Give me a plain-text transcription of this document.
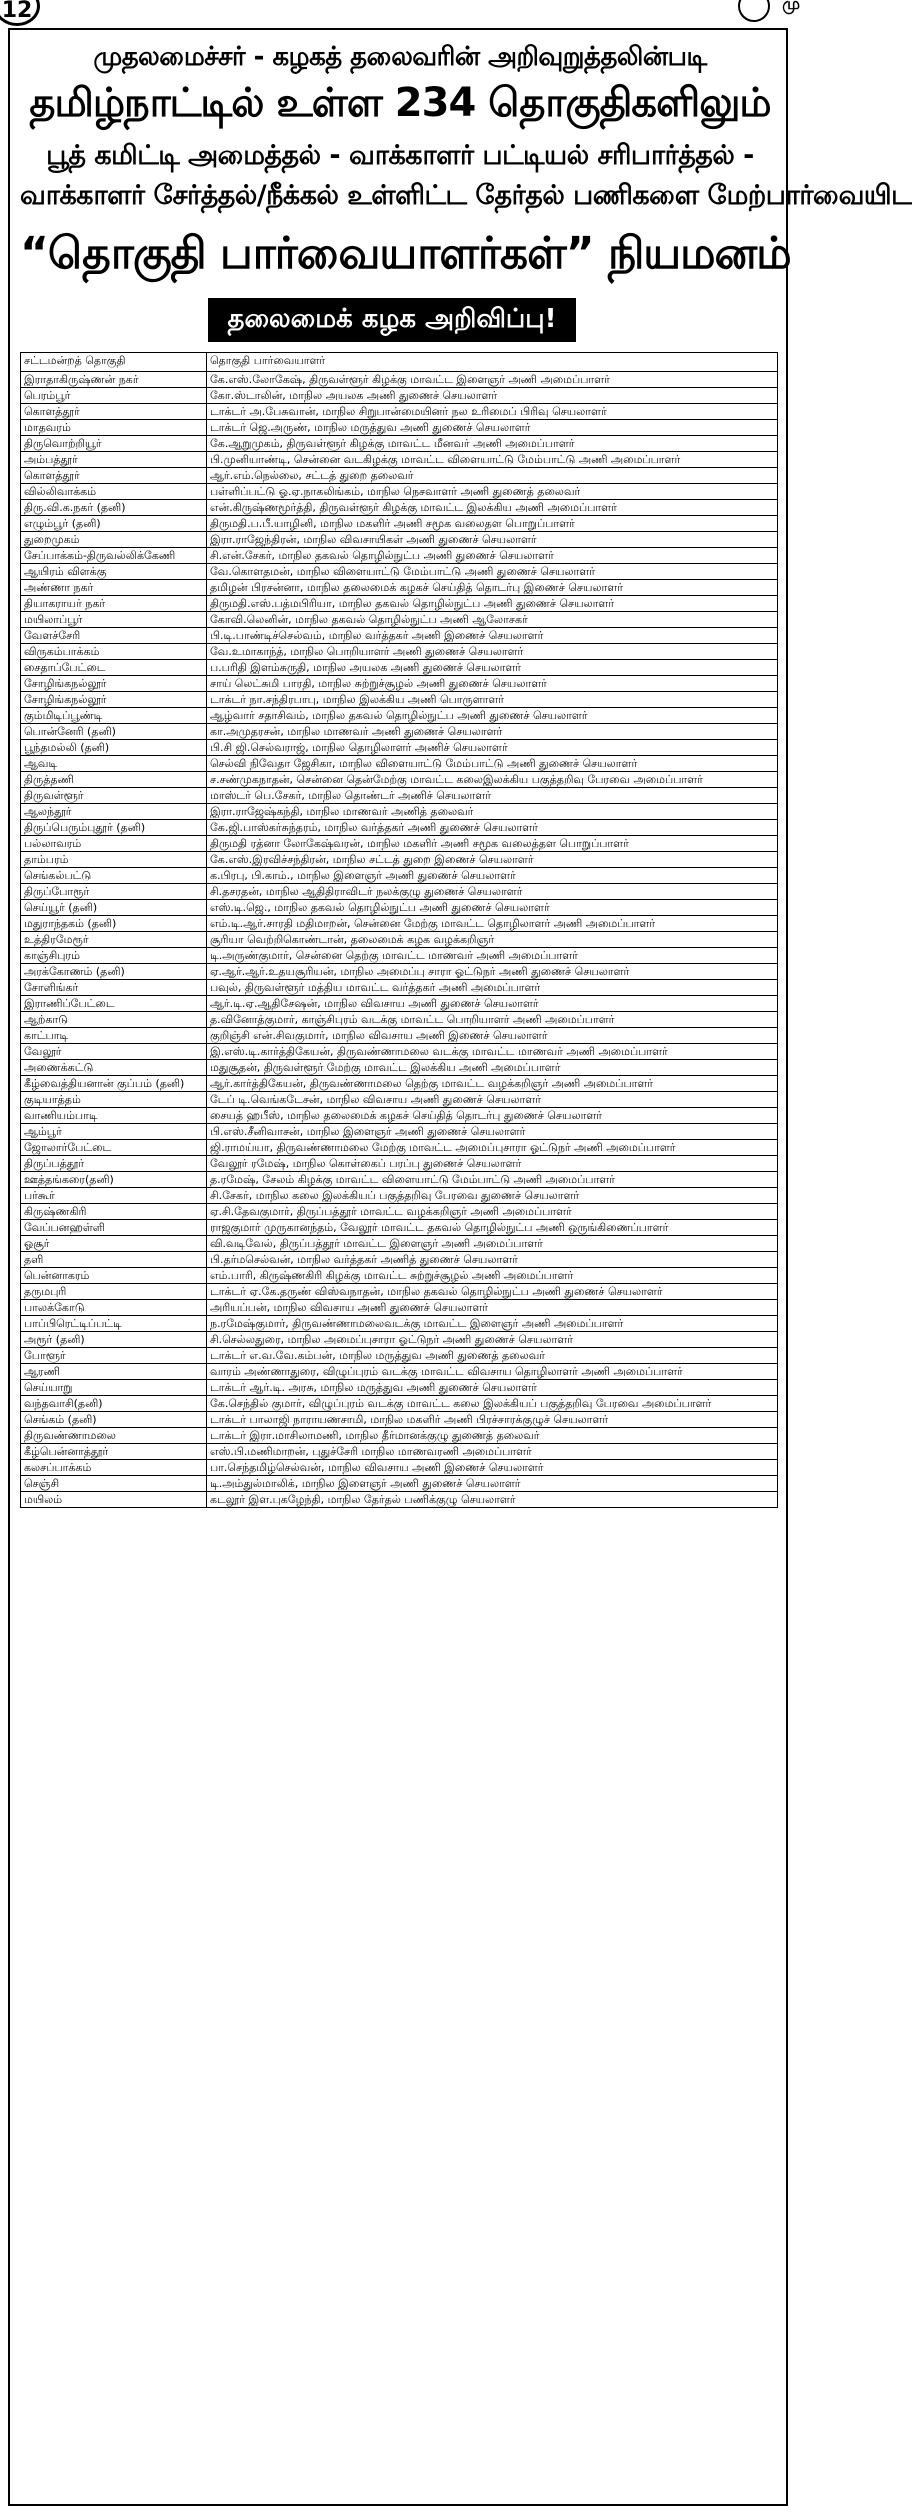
12	மு
முதலமைச்சர் - கழகத் தலைவரின் அறிவுறுத்தலின்படி
தமிழ்நாட்டில் உள்ள 234 தொகுதிகளிலும்
பூத் கமிட்டி அமைத்தல் - வாக்காளர் பட்டியல் சரிபார்த்தல் -
வாக்காளர் சேர்த்தல்/நீக்கல் உள்ளிட்ட தேர்தல் பணிகளை மேற்பார்வையிட
“தொகுதி பார்வையாளர்கள்” நியமனம்
தலைமைக் கழக அறிவிப்பு!
சட்டமன்றத் தொகுதி	தொகுதி பார்வையாளர்
இராதாகிருஷ்ணன் நகர்	கே.எஸ்.லோகேஷ், திருவள்ளூர் கிழக்கு மாவட்ட இளைஞர் அணி அமைப்பாளர்
பெரம்பூர்	கோ.ஸ்டாலின், மாநில அயலக அணி துணைச் செயலாளர்
கொளத்தூர்	டாக்டர் அ.பேசுவான், மாநில சிறுபான்மையினர் நல உரிமைப் பிரிவு செயலாளர்
மாதவரம்	டாக்டர் ஜெ.அருண், மாநில மருத்துவ அணி துணைச் செயலாளர்
திருவொற்றியூர்	கே.ஆறுமுகம், திருவள்ளூர் கிழக்கு மாவட்ட மீனவர் அணி அமைப்பாளர்
அம்பத்தூர்	பி.முனியாண்டி, சென்னை வடகிழக்கு மாவட்ட விளையாட்டு மேம்பாட்டு அணி அமைப்பாளர்
கொளத்தூர்	ஆர்.எம்.நெல்லை, சட்டத் துறை தலைவர்
வில்லிவாக்கம்	பள்ளிப்பட்டு ஓ.ஏ.நாகலிங்கம், மாநில நெசவாளர் அணி துணைத் தலைவர்
திரு.வி.க.நகர் (தனி)	என்.கிருஷ்ணமூர்த்தி, திருவள்ளூர் கிழக்கு மாவட்ட இலக்கிய அணி அமைப்பாளர்
எழும்பூர் (தனி)	திருமதி.ப.பீ.யாழினி, மாநில மகளிர் அணி சமூக வலைதள பொறுப்பாளர்
துறைமுகம்	இரா.ராஜேந்திரன், மாநில விவசாயிகள் அணி துணைச் செயலாளர்
சேப்பாக்கம்-திருவல்லிக்கேணி	சி.என்.சேகர், மாநில தகவல் தொழில்நுட்ப அணி துணைச் செயலாளர்
ஆயிரம் விளக்கு	வே.கொளதமன், மாநில விளையாட்டு மேம்பாட்டு அணி துணைச் செயலாளர்
அண்ணா நகர்	தமிழன் பிரசன்னா, மாநில தலைமைக் கழகச் செய்தித் தொடர்பு இணைச் செயலாளர்
தியாகராயர் நகர்	திருமதி.எஸ்.பத்மபிரியா, மாநில தகவல் தொழில்நுட்ப அணி துணைச் செயலாளர்
மயிலாப்பூர்	கோவி.லெனின், மாநில தகவல் தொழில்நுட்ப அணி ஆலோசகர்
வேளச்சேரி	பி.டி.பாண்டிச்செல்வம், மாநில வர்த்தகர் அணி இணைச் செயலாளர்
விருகம்பாக்கம்	வே.உமாகாந்த், மாநில பொறியாளர் அணி துணைச் செயலாளர்
சைதாப்பேட்டை	ப.பரிதி இளம்சுருதி, மாநில அயலக அணி துணைச் செயலாளர்
சோழிங்கநல்லூர்	சாய் லெட்சுமி பாரதி, மாநில சுற்றுச்சூழல் அணி துணைச் செயலாளர்
சோழிங்கநல்லூர்	டாக்டர் நா.சந்திரபாபு, மாநில இலக்கிய அணி பொருளாளர்
கும்மிடிப்பூண்டி	ஆழ்வார் சதாசிவம், மாநில தகவல் தொழில்நுட்ப அணி துணைச் செயலாளர்
பொன்னேரி (தனி)	கா.அமுதரசன், மாநில மாணவர் அணி துணைச் செயலாளர்
பூந்தமல்லி (தனி)	பி.சி ஜி.செல்வராஜ், மாநில தொழிலாளர் அணிச் செயலாளர்
ஆவடி	செல்வி நிவேதா ஜேசிகா, மாநில விளையாட்டு மேம்பாட்டு அணி துணைச் செயலாளர்
திருத்தணி	ச.சண்முகநாதன், சென்னை தென்மேற்கு மாவட்ட கலைஇலக்கிய பகுத்தறிவு பேரவை அமைப்பாளர்
திருவள்ளூர்	மாஸ்டர் பெ.சேகர், மாநில தொண்டர் அணிச் செயலாளர்
ஆலந்தூர்	இரா.ராஜேஷ்கந்தி, மாநில மாணவர் அணித் தலைவர்
திருப்பெரும்புதூர் (தனி)	கே.ஜி.பாஸ்கர்சுந்தரம், மாநில வர்த்தகர் அணி துணைச் செயலாளர்
பல்லாவரம்	திருமதி ரத்னா லோகேஷ்வரன், மாநில மகளிர் அணி சமூக வலைத்தள பொறுப்பாளர்
தாம்பரம்	கே.எஸ்.இரவிச்சந்திரன், மாநில சட்டத் துறை இணைச் செயலாளர்
செங்கல்பட்டு	க.பிரபு, பி.காம்., மாநில இளைஞர் அணி துணைச் செயலாளர்
திருப்போரூர்	சி.தசரதன், மாநில ஆதிதிராவிடர் நலக்குழு துணைச் செயலாளர்
செய்யூர் (தனி)	எஸ்.டி.ஜெ., மாநில தகவல் தொழில்நுட்ப அணி துணைச் செயலாளர்
மதுராந்தகம் (தனி)	எம்.டி.ஆர்.சாரதி மதிமாறன், சென்னை மேற்கு மாவட்ட தொழிலாளர் அணி அமைப்பாளர்
உத்திரமேரூர்	சூரியா வெற்றிகொண்டான், தலைமைக் கழக வழக்கறிஞர்
காஞ்சிபுரம்	டி.அருண்குமார், சென்னை தெற்கு மாவட்ட மாணவர் அணி அமைப்பாளர்
அரக்கோணம் (தனி)	ஏ.ஆர்.ஆர்.உதயசூரியன், மாநில அமைப்பு சாரா ஓட்டுநர் அணி துணைச் செயலாளர்
சோளிங்கர்	பவுல், திருவள்ளூர் மத்திய மாவட்ட வர்த்தகர் அணி அமைப்பாளர்
இராணிப்பேட்டை	ஆர்.டி.ஏ.ஆதிசேஷன், மாநில விவசாய அணி துணைச் செயலாளர்
ஆற்காடு	த.வினோத்குமார், காஞ்சிபுரம் வடக்கு மாவட்ட பொறியாளர் அணி அமைப்பாளர்
காட்பாடி	குறிஞ்சி என்.சிவகுமார், மாநில விவசாய அணி இணைச் செயலாளர்
வேலூர்	இ.எஸ்.டி.கார்த்திகேயன், திருவண்ணாமலை வடக்கு மாவட்ட மாணவர் அணி அமைப்பாளர்
அணைக்கட்டு	மதுசூதன், திருவள்ளூர் மேற்கு மாவட்ட இலக்கிய அணி அமைப்பாளர்
கீழ்வைத்தியனான் குப்பம் (தனி)	ஆர்.கார்த்திகேயன், திருவண்ணாமலை தெற்கு மாவட்ட வழக்கறிஞர் அணி அமைப்பாளர்
குடியாத்தம்	டேப் டி.வெங்கடேசன், மாநில விவசாய அணி துணைச் செயலாளர்
வாணியம்பாடி	சையத் ஹபீஸ், மாநில தலைமைக் கழகச் செய்தித் தொடர்பு துணைச் செயலாளர்
ஆம்பூர்	பி.எஸ்.சீனிவாசன், மாநில இளைஞர் அணி துணைச் செயலாளர்
ஜோலார்பேட்டை	ஜி.ராமய்யா, திருவண்ணாமலை மேற்கு மாவட்ட அமைப்புசாரா ஓட்டுநர் அணி அமைப்பாளர்
திருப்பத்தூர்	வேலூர் ரமேஷ், மாநில கொள்கைப் பரப்பு துணைச் செயலாளர்
ஊத்தங்கரை(தனி)	த.ரமேஷ், சேலம் கிழக்கு மாவட்ட விளையாட்டு மேம்பாட்டு அணி அமைப்பாளர்
பர்கூர்	சி.சேகர், மாநில கலை இலக்கியப் பகுத்தறிவு பேரவை துணைச் செயலாளர்
கிருஷ்ணகிரி	ஏ.சி.தேவகுமார், திருப்பத்தூர் மாவட்ட வழக்கறிஞர் அணி அமைப்பாளர்
வேப்பனஹள்ளி	ராஜகுமார் முருகானந்தம், வேலூர் மாவட்ட தகவல் தொழில்நுட்ப அணி ஒருங்கிணைப்பாளர்
ஓசூர்	வி.வடிவேல், திருப்பத்தூர் மாவட்ட இளைஞர் அணி அமைப்பாளர்
தளி	பி.தர்மசெல்வன், மாநில வர்த்தகர் அணித் துணைச் செயலாளர்
பென்னாகரம்	எம்.பாரி, கிருஷ்ணகிரி கிழக்கு மாவட்ட சுற்றுச்சூழல் அணி அமைப்பாளர்
தருமபுரி	டாக்டர் ஏ.கே.தருண் விஸ்வநாதன், மாநில தகவல் தொழில்நுட்ப அணி துணைச் செயலாளர்
பாலக்கோடு	அரியப்பன், மாநில விவசாய அணி துணைச் செயலாளர்
பாப்பிரெட்டிப்பட்டி	ந.ரமேஷ்குமார், திருவண்ணாமலைவடக்கு மாவட்ட இளைஞர் அணி அமைப்பாளர்
அரூர் (தனி)	சி.செல்லதுரை, மாநில அமைப்புசாரா ஓட்டுநர் அணி துணைச் செயலாளர்
போளூர்	டாக்டர் எ.வ.வே.கம்பன், மாநில மருத்துவ அணி துணைத் தலைவர்
ஆரணி	வாரம் அண்ணாதுரை, விழுப்புரம் வடக்கு மாவட்ட விவசாய தொழிலாளர் அணி அமைப்பாளர்
செய்யாறு	டாக்டர் ஆர்.டி. அரசு, மாநில மருத்துவ அணி துணைச் செயலாளர்
வந்தவாசி(தனி)	கே.செந்தில் குமார், விழுப்புரம் வடக்கு மாவட்ட கலை இலக்கியப் பகுத்தறிவு பேரவை அமைப்பாளர்
செங்கம் (தனி)	டாக்டர் பாலாஜி நாராயணசாமி, மாநில மகளிர் அணி பிரச்சாரக்குழுச் செயலாளர்
திருவண்ணாமலை	டாக்டர் இரா.மாசிலாமணி, மாநில தீர்மானக்குழு துணைத் தலைவர்
கீழ்பென்னாத்தூர்	எஸ்.பி.மணிமாறன், புதுச்சேரி மாநில மாணவரணி அமைப்பாளர்
கலசப்பாக்கம்	பா.செந்தமிழ்செல்வன், மாநில விவசாய அணி இணைச் செயலாளர்
செஞ்சி	டி.அம்துல்மாலிக், மாநில இளைஞர் அணி துணைச் செயலாளர்
மயிலம்	கடலூர் இள.புகழேந்தி, மாநில தேர்தல் பணிக்குழு செயலாளர்
